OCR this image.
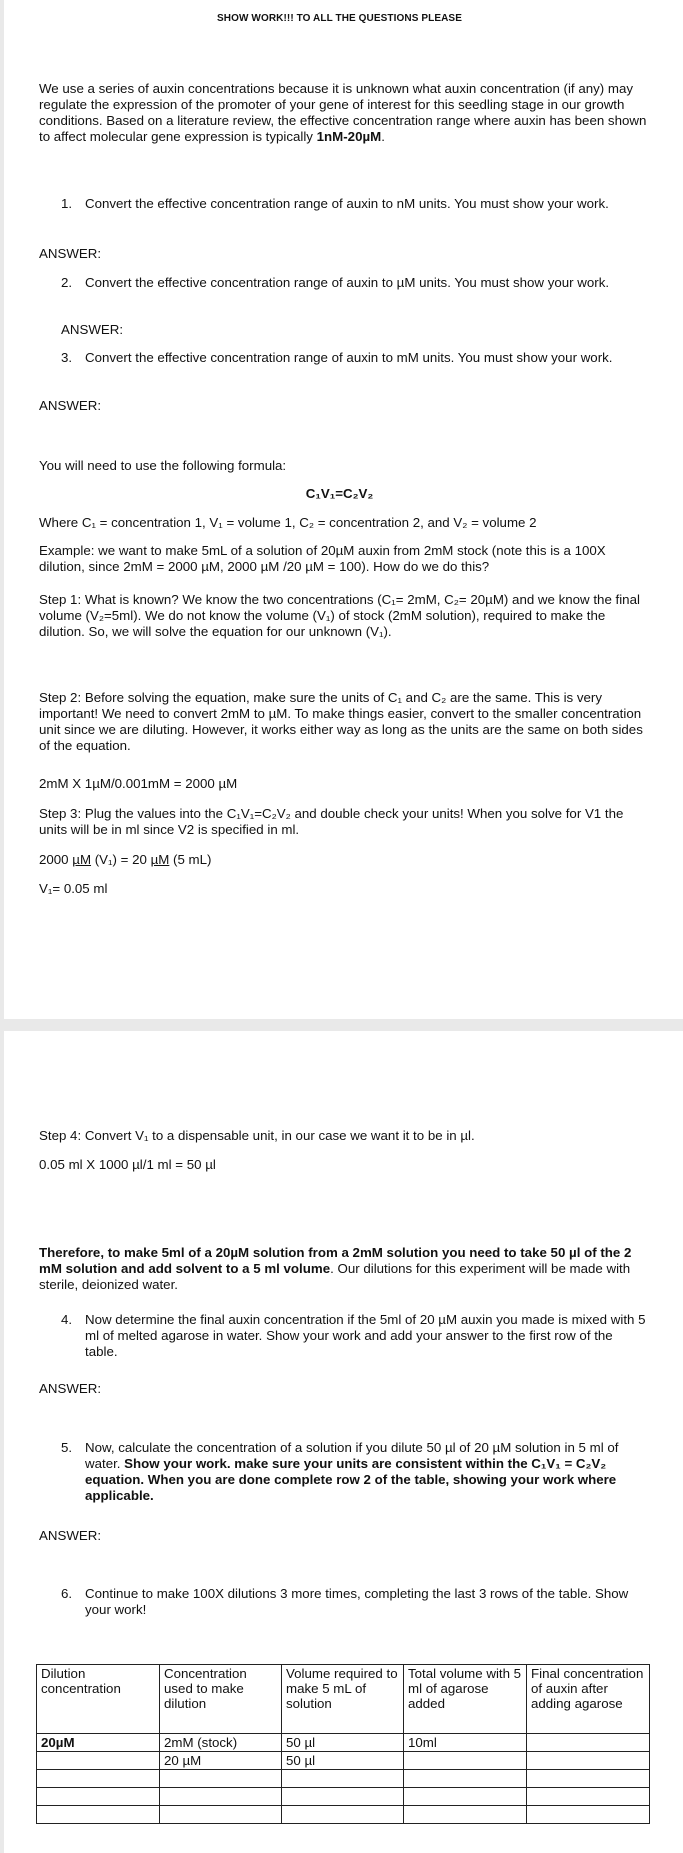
SHOW WORK!!! TO ALL THE QUESTIONS PLEASE

We use a series of auxin concentrations because it is unknown what auxin concentration (if any) may regulate the expression of the promoter of your gene of interest for this seedling stage in our growth conditions. Based on a literature review, the effective concentration range where auxin has been shown to affect molecular gene expression is typically 1nM-20µM.

1. Convert the effective concentration range of auxin to nM units. You must show your work.
ANSWER:
2. Convert the effective concentration range of auxin to µM units. You must show your work.
ANSWER:
3. Convert the effective concentration range of auxin to mM units. You must show your work.
ANSWER:
You will need to use the following formula:
C₁V₁=C₂V₂
Where C₁ = concentration 1, V₁ = volume 1, C₂ = concentration 2, and V₂ = volume 2
Example: we want to make 5mL of a solution of 20µM auxin from 2mM stock (note this is a 100X dilution, since 2mM = 2000 µM, 2000 µM /20 µM = 100). How do we do this?
Step 1: What is known? We know the two concentrations (C₁= 2mM, C₂= 20µM) and we know the final volume (V₂=5ml). We do not know the volume (V₁) of stock (2mM solution), required to make the dilution. So, we will solve the equation for our unknown (V₁).
Step 2: Before solving the equation, make sure the units of C₁ and C₂ are the same. This is very important! We need to convert 2mM to µM. To make things easier, convert to the smaller concentration unit since we are diluting. However, it works either way as long as the units are the same on both sides of the equation.
2mM X 1µM/0.001mM = 2000 µM
Step 3: Plug the values into the C₁V₁=C₂V₂ and double check your units! When you solve for V1 the units will be in ml since V2 is specified in ml.
2000 µM (V₁) = 20 µM (5 mL)
V₁= 0.05 ml
Step 4: Convert V₁ to a dispensable unit, in our case we want it to be in µl.
0.05 ml X 1000 µl/1 ml = 50 µl

Therefore, to make 5ml of a 20µM solution from a 2mM solution you need to take 50 µl of the 2 mM solution and add solvent to a 5 ml volume. Our dilutions for this experiment will be made with sterile, deionized water.

4. Now determine the final auxin concentration if the 5ml of 20 µM auxin you made is mixed with 5 ml of melted agarose in water. Show your work and add your answer to the first row of the table.
ANSWER:
5. Now, calculate the concentration of a solution if you dilute 50 µl of 20 µM solution in 5 ml of water. Show your work. make sure your units are consistent within the C₁V₁ = C₂V₂ equation. When you are done complete row 2 of the table, showing your work where applicable.
ANSWER:
6. Continue to make 100X dilutions 3 more times, completing the last 3 rows of the table. Show your work!
Dilution concentration	Concentration used to make dilution	Volume required to make 5 mL of solution	Total volume with 5 ml of agarose added	Final concentration of auxin after adding agarose
20µM	2mM (stock)	50 µl	10ml	
	20 µM	50 µl		
